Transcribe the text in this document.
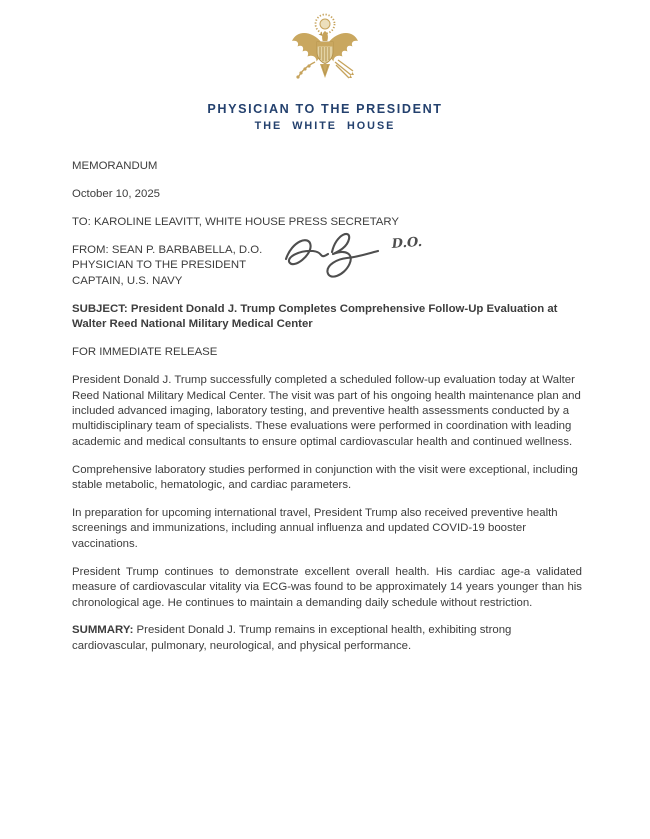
PHYSICIAN TO THE PRESIDENT
THE WHITE HOUSE

MEMORANDUM

October 10, 2025

TO: KAROLINE LEAVITT, WHITE HOUSE PRESS SECRETARY

FROM: SEAN P. BARBABELLA, D.O.

PHYSICIAN TO THE PRESIDENT

CAPTAIN, U.S. NAVY

D.O.

SUBJECT: President Donald J. Trump Completes Comprehensive Follow-Up Evaluation at Walter Reed National Military Medical Center

FOR IMMEDIATE RELEASE

President Donald J. Trump successfully completed a scheduled follow-up evaluation today at Walter Reed National Military Medical Center. The visit was part of his ongoing health maintenance plan and included advanced imaging, laboratory testing, and preventive health assessments conducted by a multidisciplinary team of specialists. These evaluations were performed in coordination with leading academic and medical consultants to ensure optimal cardiovascular health and continued wellness.

Comprehensive laboratory studies performed in conjunction with the visit were exceptional, including stable metabolic, hematologic, and cardiac parameters.

In preparation for upcoming international travel, President Trump also received preventive health screenings and immunizations, including annual influenza and updated COVID-19 booster vaccinations.

President Trump continues to demonstrate excellent overall health. His cardiac age-a validated measure of cardiovascular vitality via ECG-was found to be approximately 14 years younger than his chronological age. He continues to maintain a demanding daily schedule without restriction.

SUMMARY: President Donald J. Trump remains in exceptional health, exhibiting strong cardiovascular, pulmonary, neurological, and physical performance.
